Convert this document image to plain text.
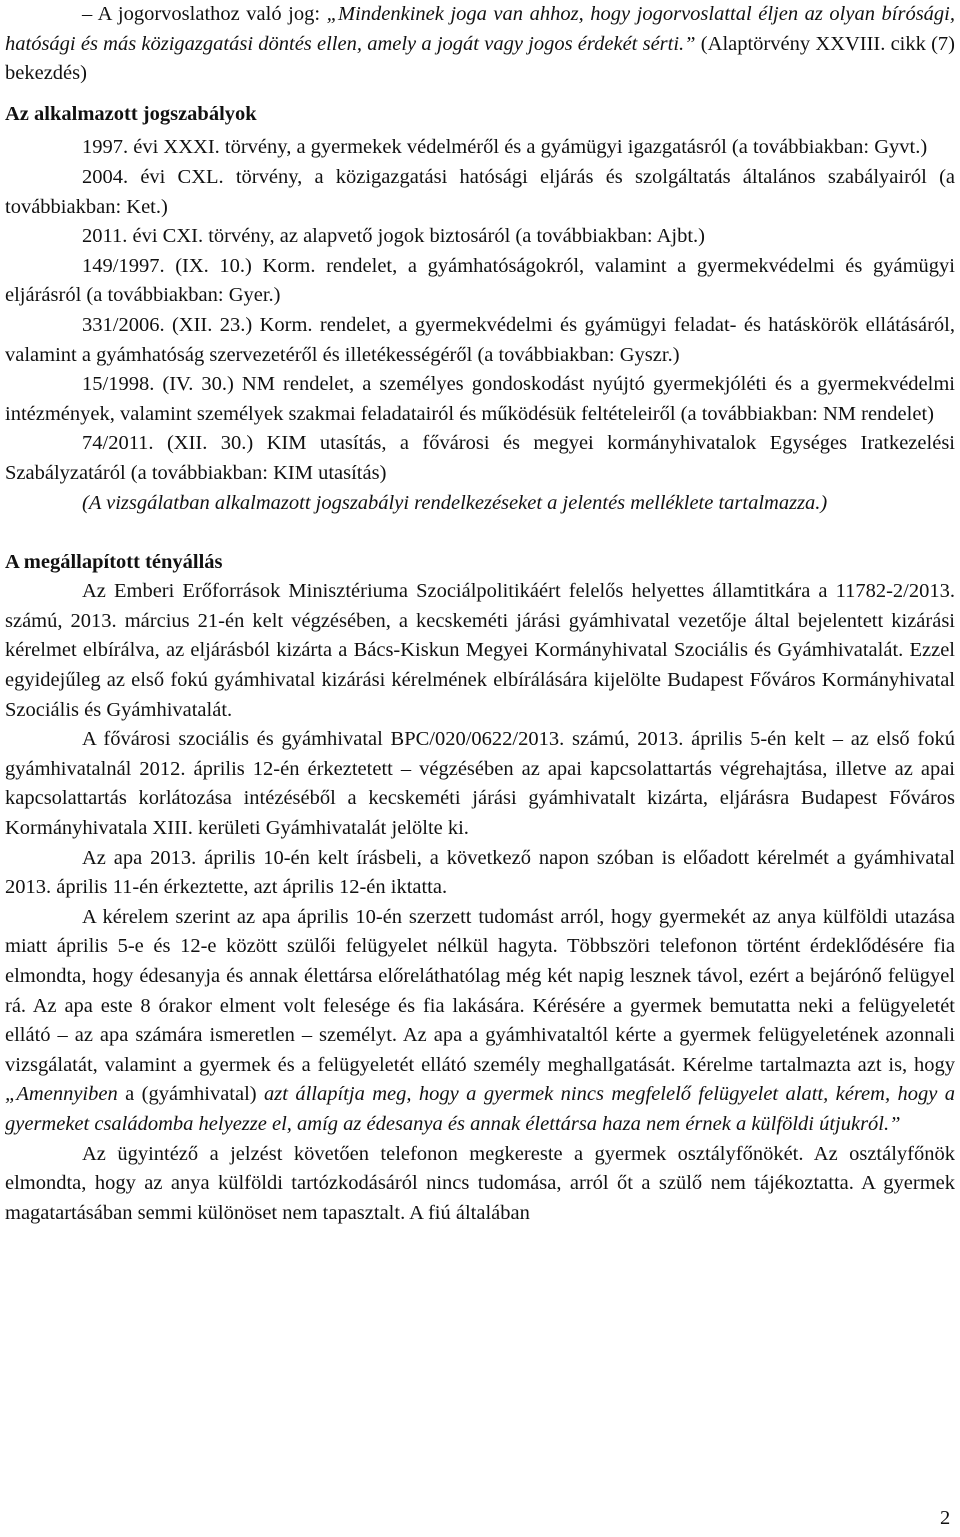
– A jogorvoslathoz való jog: „Mindenkinek joga van ahhoz, hogy jogorvoslattal éljen az olyan bírósági, hatósági és más közigazgatási döntés ellen, amely a jogát vagy jogos érdekét sérti.” (Alaptörvény XXVIII. cikk (7) bekezdés)

Az alkalmazott jogszabályok

1997. évi XXXI. törvény, a gyermekek védelméről és a gyámügyi igazgatásról (a továbbiakban: Gyvt.)

2004. évi CXL. törvény, a közigazgatási hatósági eljárás és szolgáltatás általános szabályairól (a továbbiakban: Ket.)

2011. évi CXI. törvény, az alapvető jogok biztosáról (a továbbiakban: Ajbt.)

149/1997. (IX. 10.) Korm. rendelet, a gyámhatóságokról, valamint a gyermekvédelmi és gyámügyi eljárásról (a továbbiakban: Gyer.)

331/2006. (XII. 23.) Korm. rendelet, a gyermekvédelmi és gyámügyi feladat- és hatáskörök ellátásáról, valamint a gyámhatóság szervezetéről és illetékességéről (a továbbiakban: Gyszr.)

15/1998. (IV. 30.) NM rendelet, a személyes gondoskodást nyújtó gyermekjóléti és a gyermekvédelmi intézmények, valamint személyek szakmai feladatairól és működésük feltételeiről (a továbbiakban: NM rendelet)

74/2011. (XII. 30.) KIM utasítás, a fővárosi és megyei kormányhivatalok Egységes Iratkezelési Szabályzatáról (a továbbiakban: KIM utasítás)

(A vizsgálatban alkalmazott jogszabályi rendelkezéseket a jelentés melléklete tartalmazza.)

A megállapított tényállás

Az Emberi Erőforrások Minisztériuma Szociálpolitikáért felelős helyettes államtitkára a 11782-2/2013. számú, 2013. március 21-én kelt végzésében, a kecskeméti járási gyámhivatal vezetője által bejelentett kizárási kérelmet elbírálva, az eljárásból kizárta a Bács-Kiskun Megyei Kormányhivatal Szociális és Gyámhivatalát. Ezzel egyidejűleg az első fokú gyámhivatal kizárási kérelmének elbírálására kijelölte Budapest Főváros Kormányhivatal Szociális és Gyámhivatalát.

A fővárosi szociális és gyámhivatal BPC/020/0622/2013. számú, 2013. április 5-én kelt – az első fokú gyámhivatalnál 2012. április 12-én érkeztetett – végzésében az apai kapcsolattartás végrehajtása, illetve az apai kapcsolattartás korlátozása intézéséből a kecskeméti járási gyámhivatalt kizárta, eljárásra Budapest Főváros Kormányhivatala XIII. kerületi Gyámhivatalát jelölte ki.

Az apa 2013. április 10-én kelt írásbeli, a következő napon szóban is előadott kérelmét a gyámhivatal 2013. április 11-én érkeztette, azt április 12-én iktatta.

A kérelem szerint az apa április 10-én szerzett tudomást arról, hogy gyermekét az anya külföldi utazása miatt április 5-e és 12-e között szülői felügyelet nélkül hagyta. Többszöri telefonon történt érdeklődésére fia elmondta, hogy édesanyja és annak élettársa előreláthatólag még két napig lesznek távol, ezért a bejárónő felügyel rá. Az apa este 8 órakor elment volt felesége és fia lakására. Kérésére a gyermek bemutatta neki a felügyeletét ellátó – az apa számára ismeretlen – személyt. Az apa a gyámhivataltól kérte a gyermek felügyeletének azonnali vizsgálatát, valamint a gyermek és a felügyeletét ellátó személy meghallgatását. Kérelme tartalmazta azt is, hogy „Amennyiben a (gyámhivatal) azt állapítja meg, hogy a gyermek nincs megfelelő felügyelet alatt, kérem, hogy a gyermeket családomba helyezze el, amíg az édesanya és annak élettársa haza nem érnek a külföldi útjukról.”

Az ügyintéző a jelzést követően telefonon megkereste a gyermek osztályfőnökét. Az osztályfőnök elmondta, hogy az anya külföldi tartózkodásáról nincs tudomása, arról őt a szülő nem tájékoztatta. A gyermek magatartásában semmi különöset nem tapasztalt. A fiú általában

2
